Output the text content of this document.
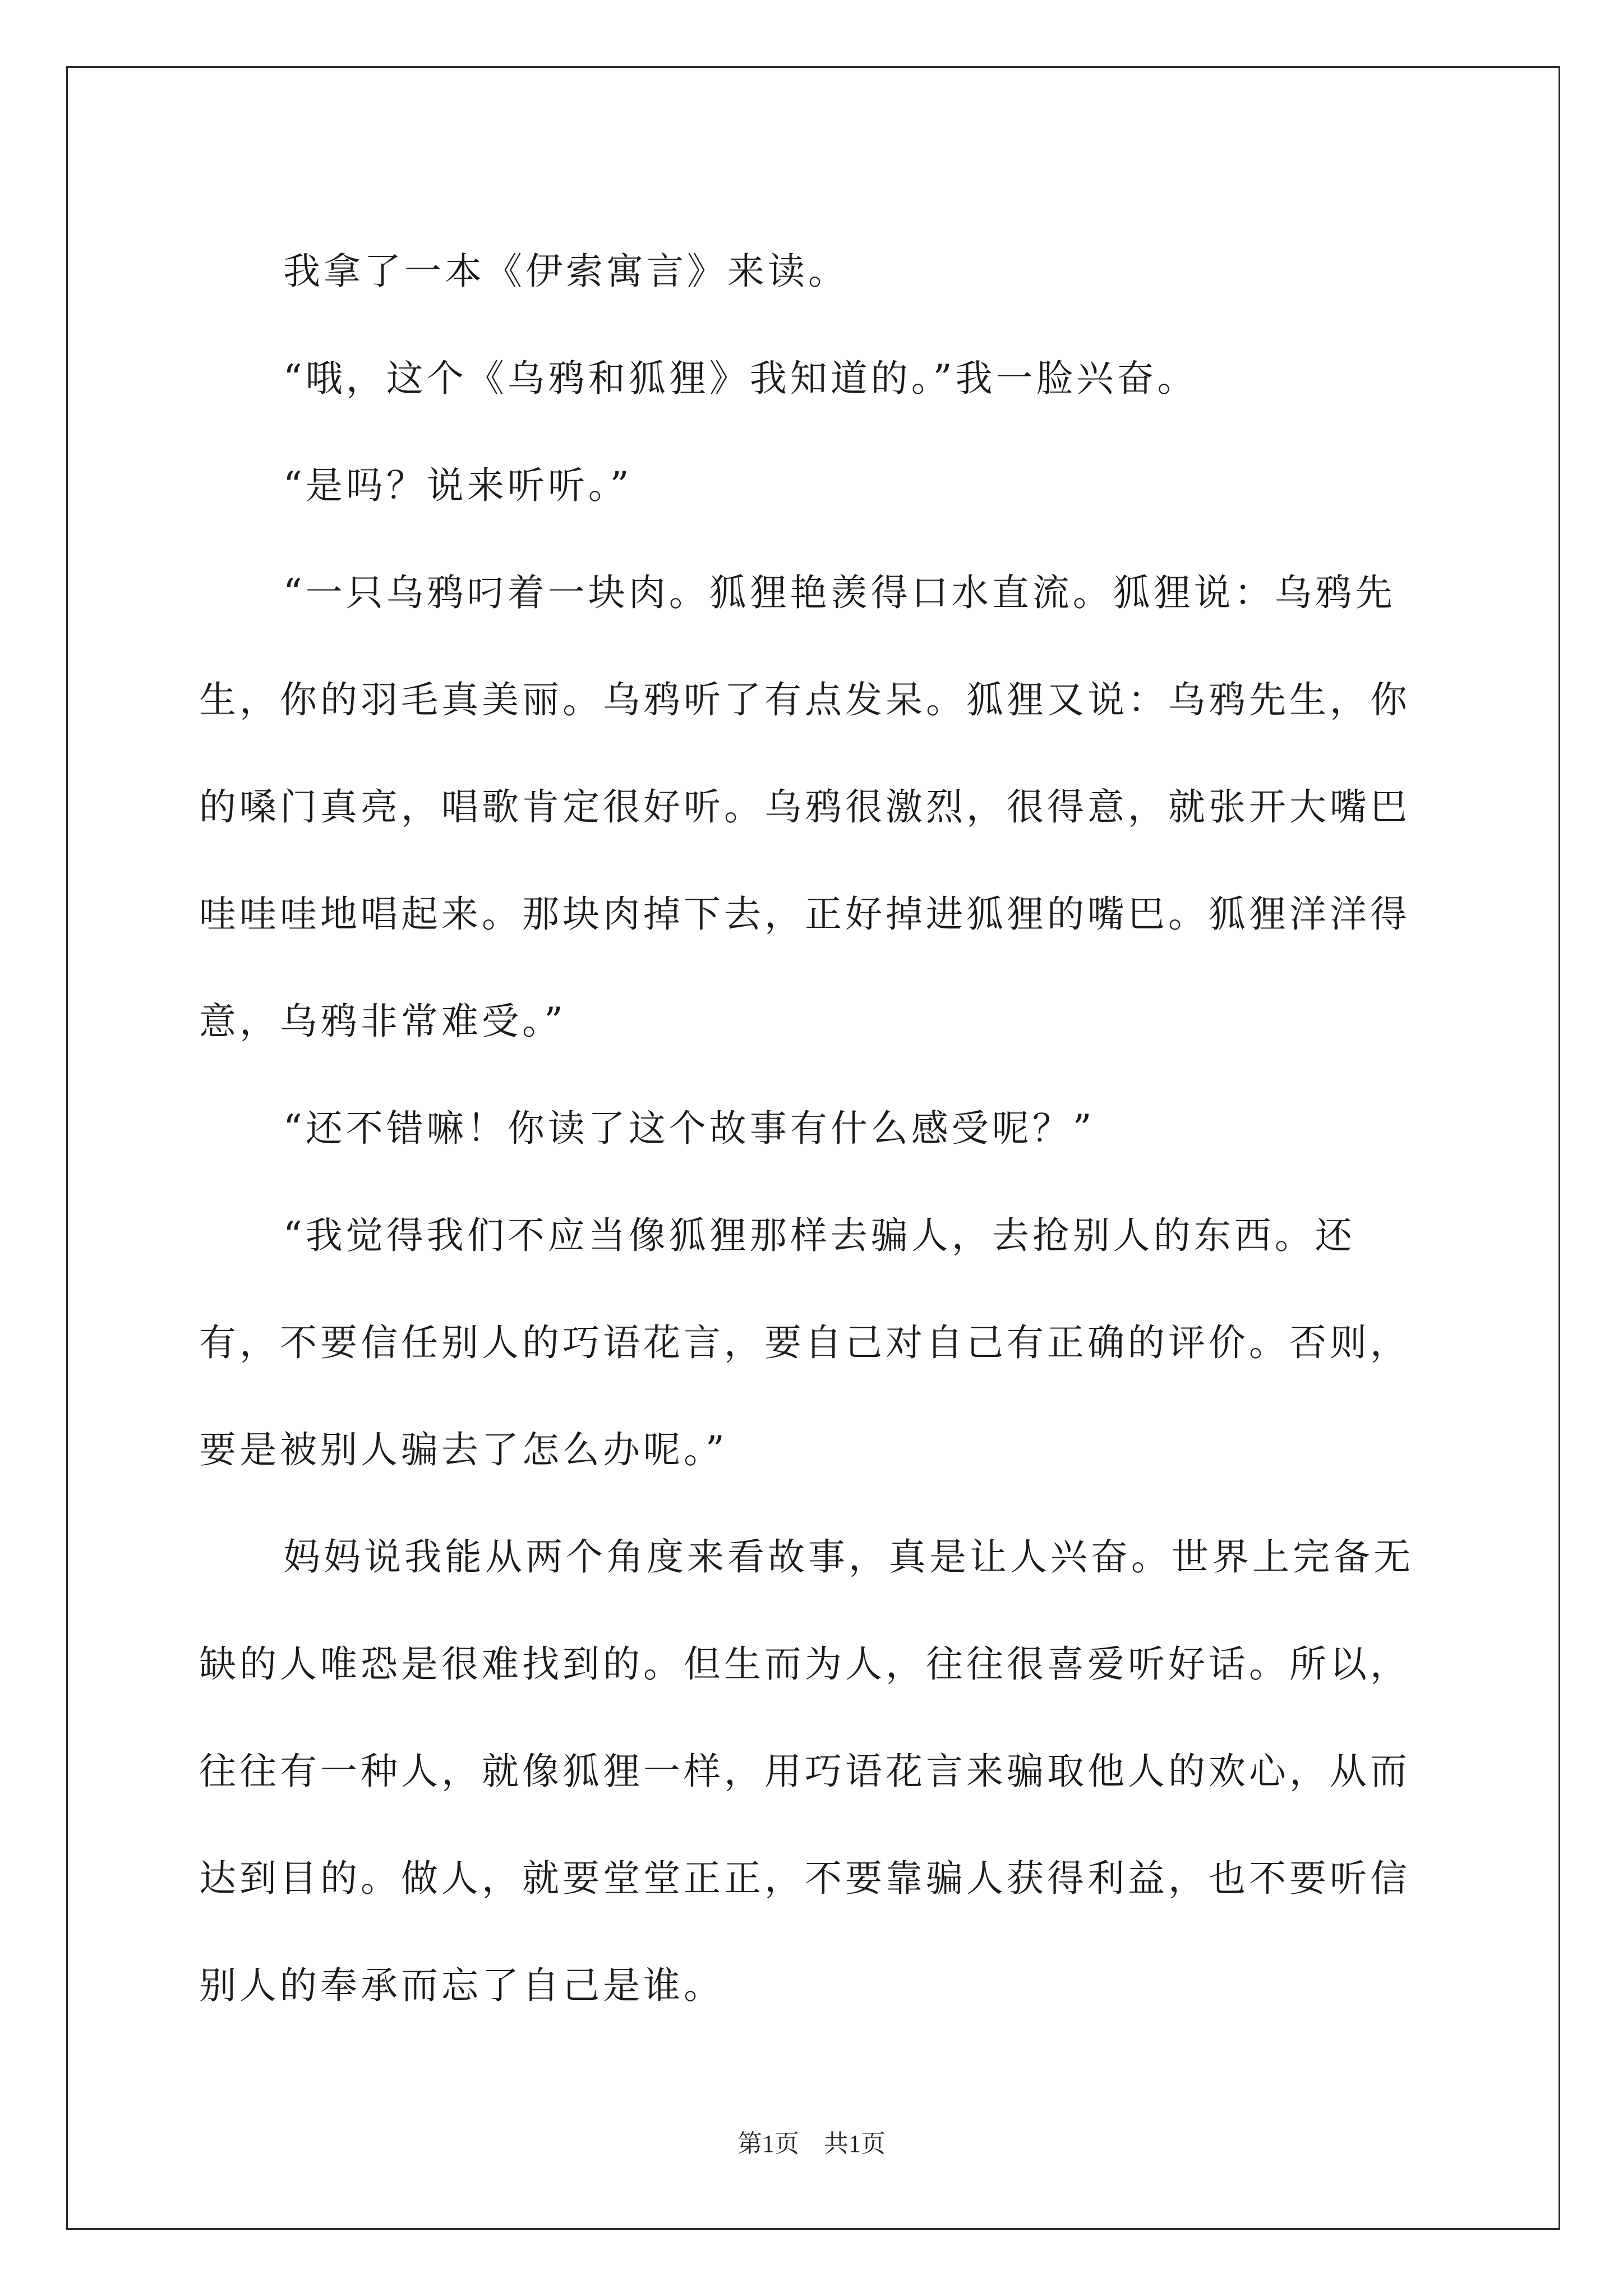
我拿了一本《伊索寓言》来读。

“哦，这个《乌鸦和狐狸》我知道的。”我一脸兴奋。

“是吗？说来听听。”

“一只乌鸦叼着一块肉。狐狸艳羡得口水直流。狐狸说：乌鸦先生，你的羽毛真美丽。乌鸦听了有点发呆。狐狸又说：乌鸦先生，你的嗓门真亮，唱歌肯定很好听。乌鸦很激烈，很得意，就张开大嘴巴哇哇哇地唱起来。那块肉掉下去，正好掉进狐狸的嘴巴。狐狸洋洋得意，乌鸦非常难受。”

“还不错嘛！你读了这个故事有什么感受呢？”

“我觉得我们不应当像狐狸那样去骗人，去抢别人的东西。还有，不要信任别人的巧语花言，要自己对自己有正确的评价。否则，要是被别人骗去了怎么办呢。”

妈妈说我能从两个角度来看故事，真是让人兴奋。世界上完备无缺的人唯恐是很难找到的。但生而为人，往往很喜爱听好话。所以，往往有一种人，就像狐狸一样，用巧语花言来骗取他人的欢心，从而达到目的。做人，就要堂堂正正，不要靠骗人获得利益，也不要听信别人的奉承而忘了自己是谁。

第1页 共1页
